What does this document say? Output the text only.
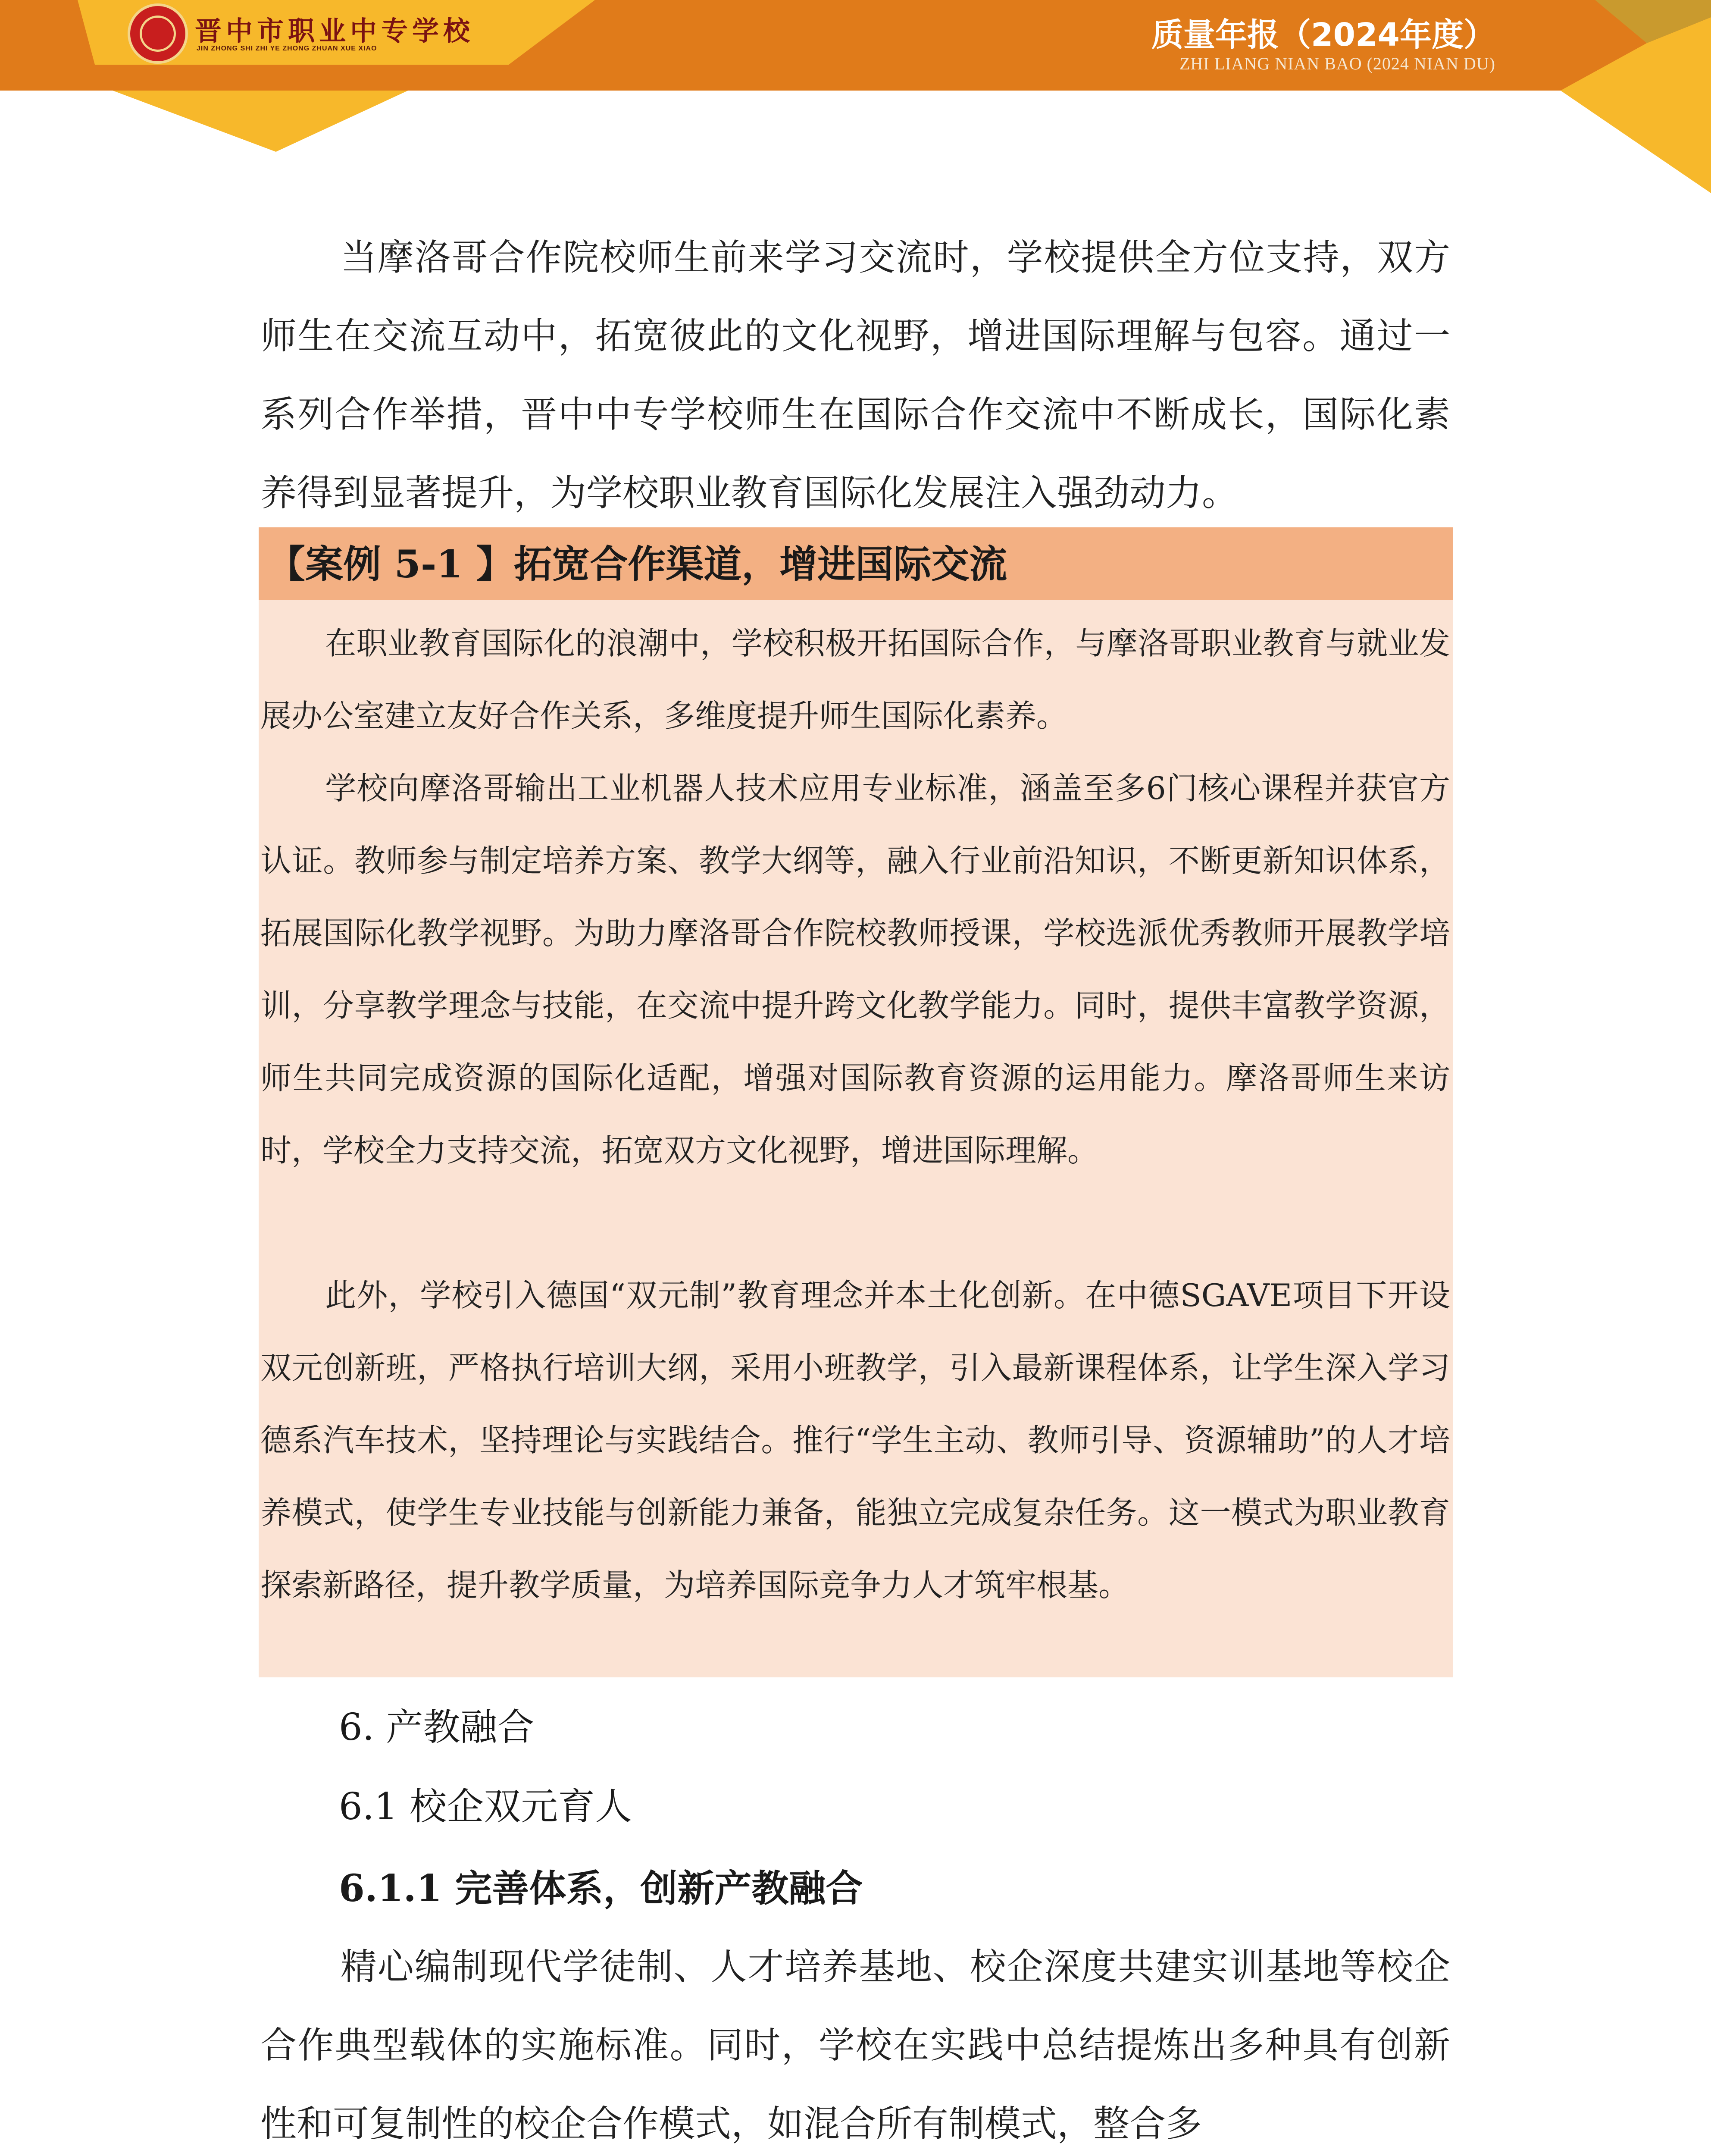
晋中市职业中专学校
JIN ZHONG SHI ZHI YE ZHONG ZHUAN XUE XIAO	质量年报（2024年度）
ZHI LIANG NIAN BAO (2024 NIAN DU)

当摩洛哥合作院校师生前来学习交流时，学校提供全方位支持，双方师生在交流互动中，拓宽彼此的文化视野，增进国际理解与包容。通过一系列合作举措，晋中中专学校师生在国际合作交流中不断成长，国际化素养得到显著提升，为学校职业教育国际化发展注入强劲动力。

【案例 5-1 】拓宽合作渠道，增进国际交流

在职业教育国际化的浪潮中，学校积极开拓国际合作，与摩洛哥职业教育与就业发展办公室建立友好合作关系，多维度提升师生国际化素养。

学校向摩洛哥输出工业机器人技术应用专业标准，涵盖至多6门核心课程并获官方认证。教师参与制定培养方案、教学大纲等，融入行业前沿知识，不断更新知识体系，拓展国际化教学视野。为助力摩洛哥合作院校教师授课，学校选派优秀教师开展教学培训，分享教学理念与技能，在交流中提升跨文化教学能力。同时，提供丰富教学资源，师生共同完成资源的国际化适配，增强对国际教育资源的运用能力。摩洛哥师生来访时，学校全力支持交流，拓宽双方文化视野，增进国际理解。

此外，学校引入德国“双元制”教育理念并本土化创新。在中德SGAVE项目下开设双元创新班，严格执行培训大纲，采用小班教学，引入最新课程体系，让学生深入学习德系汽车技术，坚持理论与实践结合。推行“学生主动、教师引导、资源辅助”的人才培养模式，使学生专业技能与创新能力兼备，能独立完成复杂任务。这一模式为职业教育探索新路径，提升教学质量，为培养国际竞争力人才筑牢根基。

6. 产教融合
6.1 校企双元育人
6.1.1 完善体系，创新产教融合

精心编制现代学徒制、人才培养基地、校企深度共建实训基地等校企合作典型载体的实施标准。同时，学校在实践中总结提炼出多种具有创新性和可复制性的校企合作模式，如混合所有制模式，整合多
